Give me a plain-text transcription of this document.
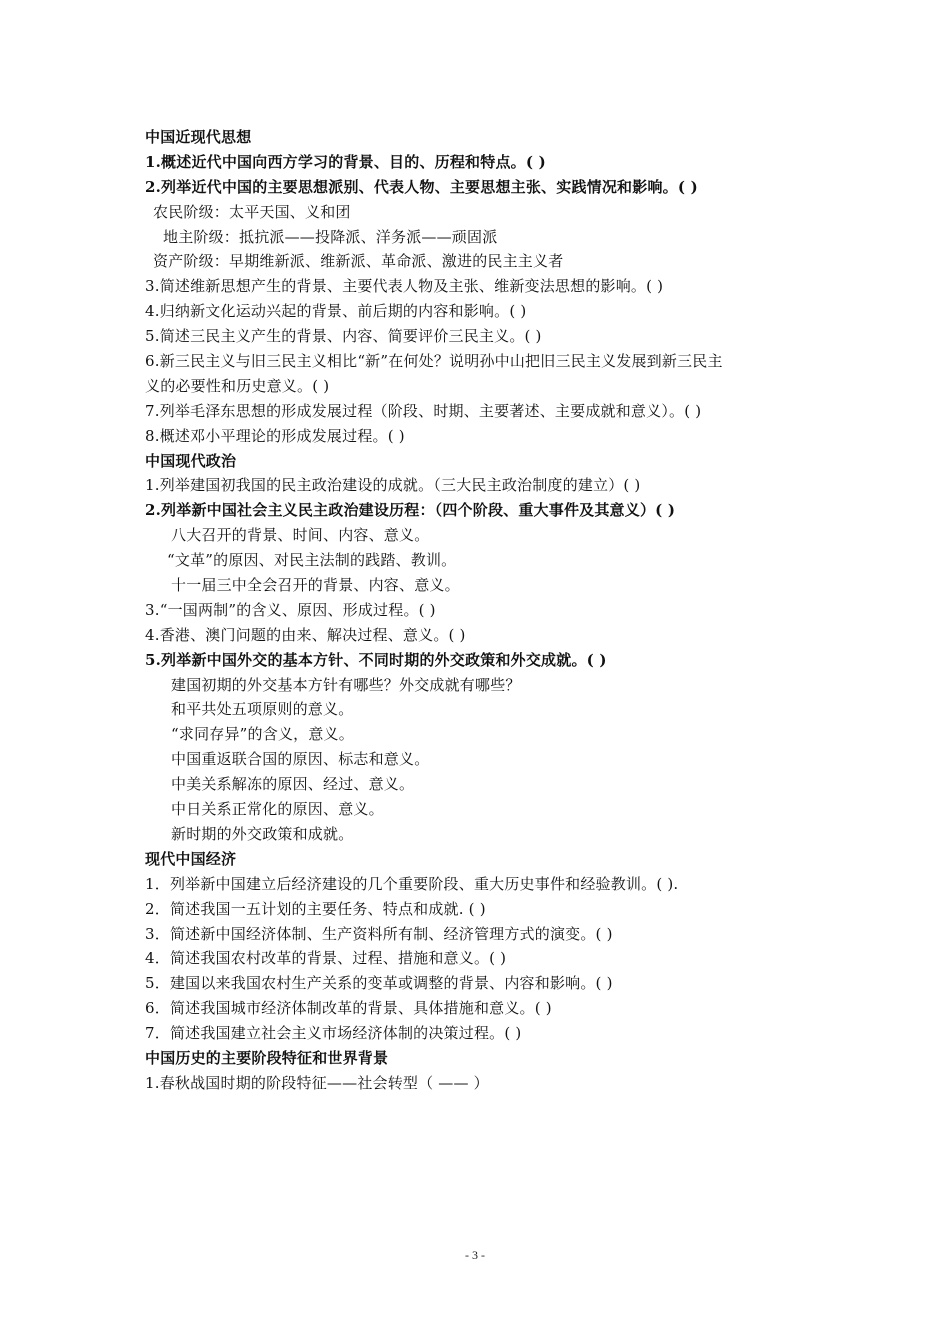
中国近现代思想
1.概述近代中国向西方学习的背景、目的、历程和特点。( )
2.列举近代中国的主要思想派别、代表人物、主要思想主张、实践情况和影响。( )
农民阶级：太平天国、义和团
地主阶级：抵抗派——投降派、洋务派——顽固派
资产阶级：早期维新派、维新派、革命派、激进的民主主义者
3.简述维新思想产生的背景、主要代表人物及主张、维新变法思想的影响。( )
4.归纳新文化运动兴起的背景、前后期的内容和影响。( )
5.简述三民主义产生的背景、内容、简要评价三民主义。( )
6.新三民主义与旧三民主义相比“新”在何处？说明孙中山把旧三民主义发展到新三民主
义的必要性和历史意义。( )
7.列举毛泽东思想的形成发展过程（阶段、时期、主要著述、主要成就和意义）。( )
8.概述邓小平理论的形成发展过程。( )
中国现代政治
1.列举建国初我国的民主政治建设的成就。（三大民主政治制度的建立）( )
2.列举新中国社会主义民主政治建设历程：（四个阶段、重大事件及其意义）( )
八大召开的背景、时间、内容、意义。
“文革”的原因、对民主法制的践踏、教训。
十一届三中全会召开的背景、内容、意义。
3.“一国两制”的含义、原因、形成过程。( )
4.香港、澳门问题的由来、解决过程、意义。( )
5.列举新中国外交的基本方针、不同时期的外交政策和外交成就。( )
建国初期的外交基本方针有哪些？外交成就有哪些？
和平共处五项原则的意义。
“求同存异”的含义，意义。
中国重返联合国的原因、标志和意义。
中美关系解冻的原因、经过、意义。
中日关系正常化的原因、意义。
新时期的外交政策和成就。
现代中国经济
1．列举新中国建立后经济建设的几个重要阶段、重大历史事件和经验教训。( ).
2．简述我国一五计划的主要任务、特点和成就. ( )
3．简述新中国经济体制、生产资料所有制、经济管理方式的演变。( )
4．简述我国农村改革的背景、过程、措施和意义。( )
5．建国以来我国农村生产关系的变革或调整的背景、内容和影响。( )
6．简述我国城市经济体制改革的背景、具体措施和意义。( )
7．简述我国建立社会主义市场经济体制的决策过程。( )
中国历史的主要阶段特征和世界背景
1.春秋战国时期的阶段特征——社会转型（ —— ）
- 3 -
